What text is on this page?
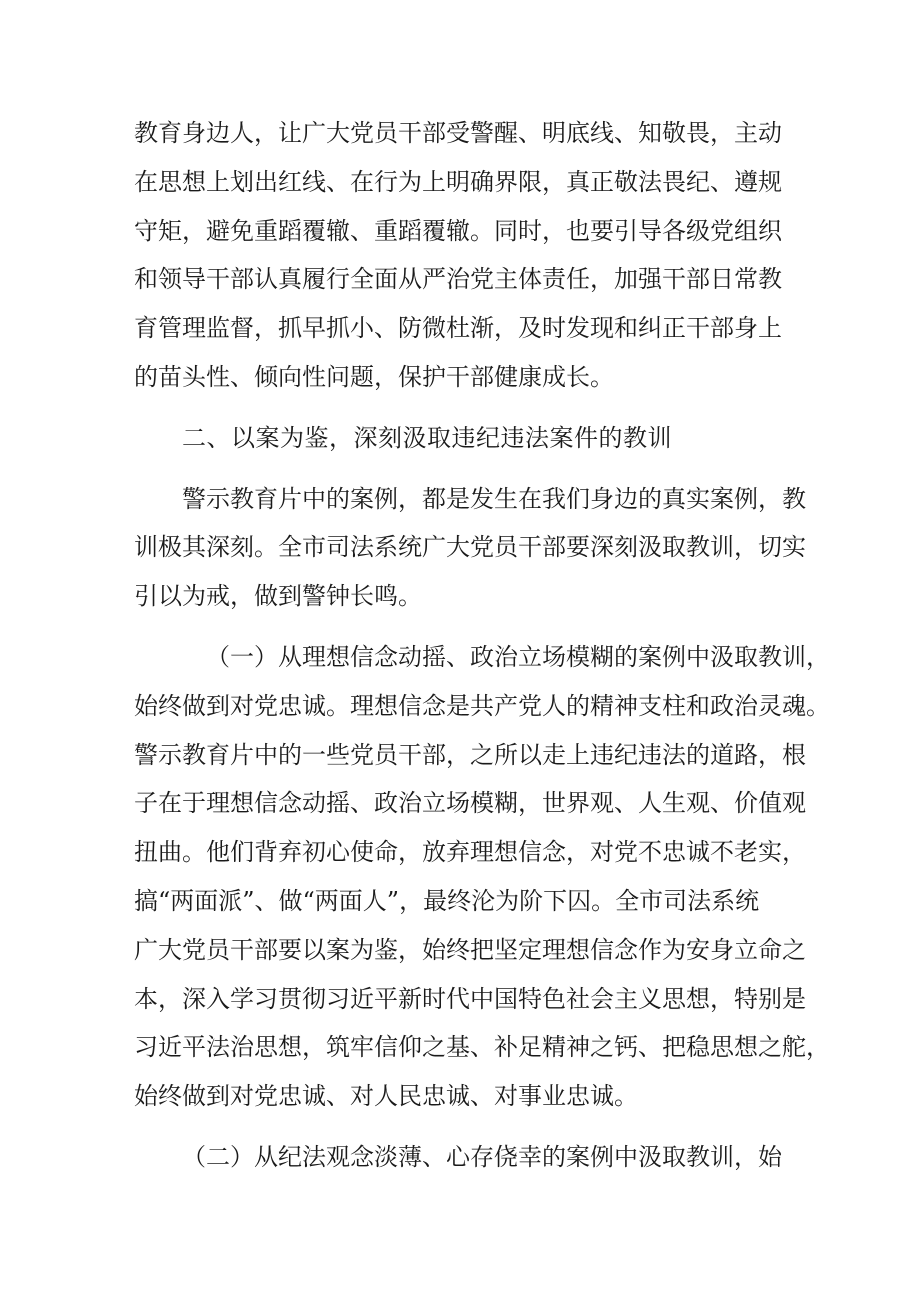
教育身边人，让广大党员干部受警醒、明底线、知敬畏，主动
在思想上划出红线、在行为上明确界限，真正敬法畏纪、遵规
守矩，避免重蹈覆辙、重蹈覆辙。同时，也要引导各级党组织
和领导干部认真履行全面从严治党主体责任，加强干部日常教
育管理监督，抓早抓小、防微杜渐，及时发现和纠正干部身上
的苗头性、倾向性问题，保护干部健康成长。
二、以案为鉴，深刻汲取违纪违法案件的教训
警示教育片中的案例，都是发生在我们身边的真实案例，教
训极其深刻。全市司法系统广大党员干部要深刻汲取教训，切实
引以为戒，做到警钟长鸣。
（一）从理想信念动摇、政治立场模糊的案例中汲取教训，
始终做到对党忠诚。理想信念是共产党人的精神支柱和政治灵魂。
警示教育片中的一些党员干部，之所以走上违纪违法的道路，根
子在于理想信念动摇、政治立场模糊，世界观、人生观、价值观
扭曲。他们背弃初心使命，放弃理想信念，对党不忠诚不老实，
搞“两面派”、做“两面人”，最终沦为阶下囚。全市司法系统
广大党员干部要以案为鉴，始终把坚定理想信念作为安身立命之
本，深入学习贯彻习近平新时代中国特色社会主义思想，特别是
习近平法治思想，筑牢信仰之基、补足精神之钙、把稳思想之舵，
始终做到对党忠诚、对人民忠诚、对事业忠诚。
（二）从纪法观念淡薄、心存侥幸的案例中汲取教训，始
